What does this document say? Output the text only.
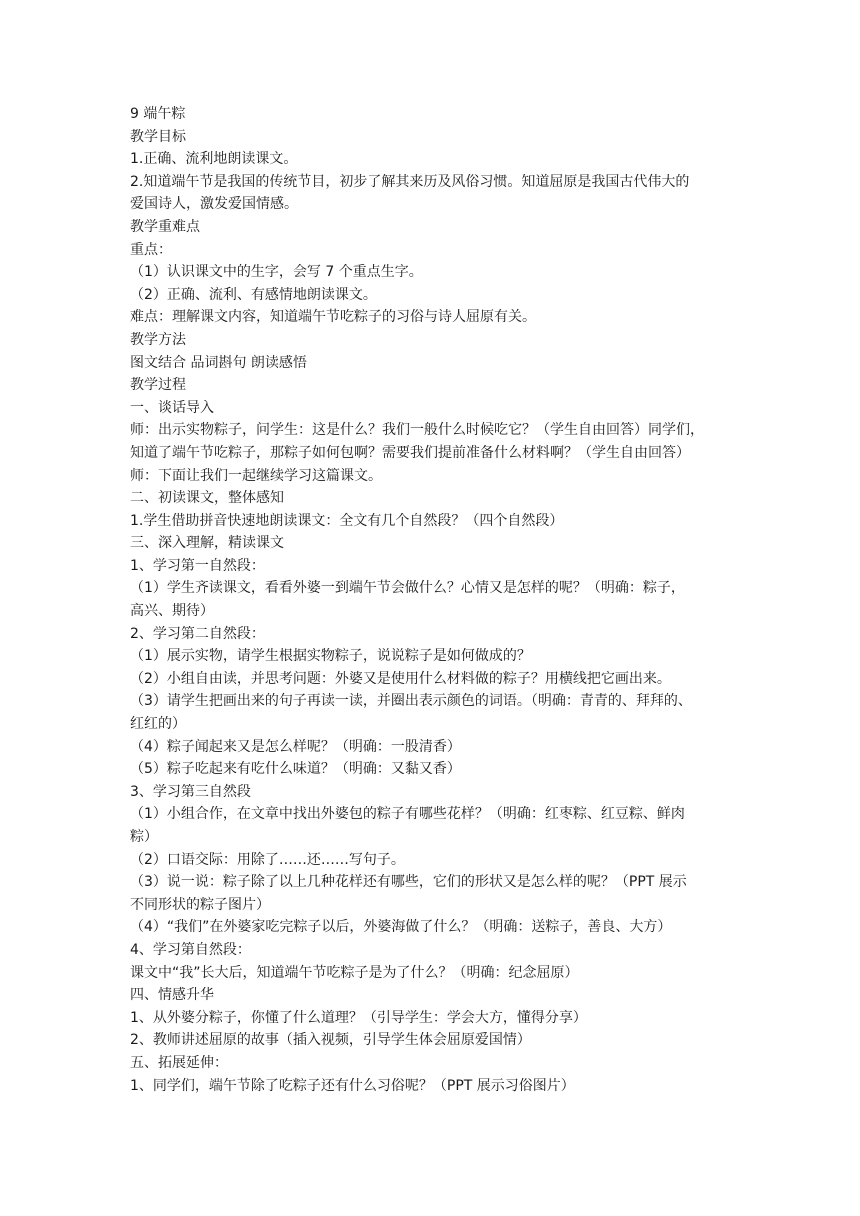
9 端午粽
教学目标
1.正确、流利地朗读课文。
2.知道端午节是我国的传统节目，初步了解其来历及风俗习惯。知道屈原是我国古代伟大的
爱国诗人，激发爱国情感。
教学重难点
重点：
（1）认识课文中的生字，会写 7 个重点生字。
（2）正确、流利、有感情地朗读课文。
难点：理解课文内容，知道端午节吃粽子的习俗与诗人屈原有关。
教学方法
图文结合 品词斟句 朗读感悟
教学过程
一、谈话导入
师：出示实物粽子，问学生：这是什么？我们一般什么时候吃它？（学生自由回答）同学们，
知道了端午节吃粽子，那粽子如何包啊？需要我们提前准备什么材料啊？（学生自由回答）
师：下面让我们一起继续学习这篇课文。
二、初读课文，整体感知
1.学生借助拼音快速地朗读课文：全文有几个自然段？（四个自然段）
三、深入理解，精读课文
1、学习第一自然段：
（1）学生齐读课文，看看外婆一到端午节会做什么？心情又是怎样的呢？（明确：粽子，
高兴、期待）
2、学习第二自然段：
（1）展示实物，请学生根据实物粽子，说说粽子是如何做成的？
（2）小组自由读，并思考问题：外婆又是使用什么材料做的粽子？用横线把它画出来。
（3）请学生把画出来的句子再读一读，并圈出表示颜色的词语。（明确：青青的、拜拜的、
红红的）
（4）粽子闻起来又是怎么样呢？（明确：一股清香）
（5）粽子吃起来有吃什么味道？（明确：又黏又香）
3、学习第三自然段
（1）小组合作，在文章中找出外婆包的粽子有哪些花样？（明确：红枣粽、红豆粽、鲜肉
粽）
（2）口语交际：用除了……还……写句子。
（3）说一说：粽子除了以上几种花样还有哪些，它们的形状又是怎么样的呢？（PPT 展示
不同形状的粽子图片）
（4）“我们”在外婆家吃完粽子以后，外婆海做了什么？（明确：送粽子，善良、大方）
4、学习第自然段：
课文中“我”长大后，知道端午节吃粽子是为了什么？（明确：纪念屈原）
四、情感升华
1、从外婆分粽子，你懂了什么道理？（引导学生：学会大方，懂得分享）
2、教师讲述屈原的故事（插入视频，引导学生体会屈原爱国情）
五、拓展延伸：
1、同学们，端午节除了吃粽子还有什么习俗呢？（PPT 展示习俗图片）
